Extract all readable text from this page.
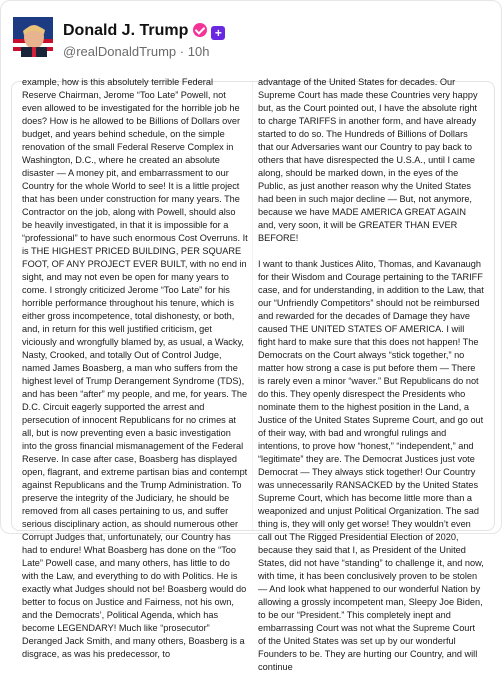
Donald J. Trump +
@realDonaldTrump · 10h

example, how is this absolutely terrible Federal Reserve Chairman, Jerome “Too Late” Powell, not even allowed to be investigated for the horrible job he does? How is he allowed to be Billions of Dollars over budget, and years behind schedule, on the simple renovation of the small Federal Reserve Complex in Washington, D.C., where he created an absolute disaster — A money pit, and embarrassment to our Country for the whole World to see! It is a little project that has been under construction for many years. The Contractor on the job, along with Powell, should also be heavily investigated, in that it is impossible for a “professional” to have such enormous Cost Overruns. It is THE HIGHEST PRICED BUILDING, PER SQUARE FOOT, OF ANY PROJECT EVER BUILT, with no end in sight, and may not even be open for many years to come. I strongly criticized Jerome “Too Late” for his horrible performance throughout his tenure, which is either gross incompetence, total dishonesty, or both, and, in return for this well justified criticism, get viciously and wrongfully blamed by, as usual, a Wacky, Nasty, Crooked, and totally Out of Control Judge, named James Boasberg, a man who suffers from the highest level of Trump Derangement Syndrome (TDS), and has been “after” my people, and me, for years. The D.C. Circuit eagerly supported the arrest and persecution of innocent Republicans for no crimes at all, but is now preventing even a basic investigation into the gross financial mismanagement of the Federal Reserve. In case after case, Boasberg has displayed open, flagrant, and extreme partisan bias and contempt against Republicans and the Trump Administration. To preserve the integrity of the Judiciary, he should be removed from all cases pertaining to us, and suffer serious disciplinary action, as should numerous other Corrupt Judges that, unfortunately, our Country has had to endure! What Boasberg has done on the “Too Late” Powell case, and many others, has little to do with the Law, and everything to do with Politics. He is exactly what Judges should not be! Boasberg would do better to focus on Justice and Fairness, not his own, and the Democrats’, Political Agenda, which has become LEGENDARY! Much like “prosecutor” Deranged Jack Smith, and many others, Boasberg is a disgrace, as was his predecessor, to

advantage of the United States for decades. Our Supreme Court has made these Countries very happy but, as the Court pointed out, I have the absolute right to charge TARIFFS in another form, and have already started to do so. The Hundreds of Billions of Dollars that our Adversaries want our Country to pay back to others that have disrespected the U.S.A., until I came along, should be marked down, in the eyes of the Public, as just another reason why the United States had been in such major decline — But, not anymore, because we have MADE AMERICA GREAT AGAIN and, very soon, it will be GREATER THAN EVER BEFORE!

I want to thank Justices Alito, Thomas, and Kavanaugh for their Wisdom and Courage pertaining to the TARIFF case, and for understanding, in addition to the Law, that our “Unfriendly Competitors” should not be reimbursed and rewarded for the decades of Damage they have caused THE UNITED STATES OF AMERICA. I will fight hard to make sure that this does not happen! The Democrats on the Court always “stick together,” no matter how strong a case is put before them — There is rarely even a minor “waver.” But Republicans do not do this. They openly disrespect the Presidents who nominate them to the highest position in the Land, a Justice of the United States Supreme Court, and go out of their way, with bad and wrongful rulings and intentions, to prove how “honest,” “independent,” and “legitimate” they are. The Democrat Justices just vote Democrat — They always stick together! Our Country was unnecessarily RANSACKED by the United States Supreme Court, which has become little more than a weaponized and unjust Political Organization. The sad thing is, they will only get worse! They wouldn’t even call out The Rigged Presidential Election of 2020, because they said that I, as President of the United States, did not have “standing” to challenge it, and now, with time, it has been conclusively proven to be stolen — And look what happened to our wonderful Nation by allowing a grossly incompetent man, Sleepy Joe Biden, to be our “President.” This completely inept and embarrassing Court was not what the Supreme Court of the United States was set up by our wonderful Founders to be. They are hurting our Country, and will continue
